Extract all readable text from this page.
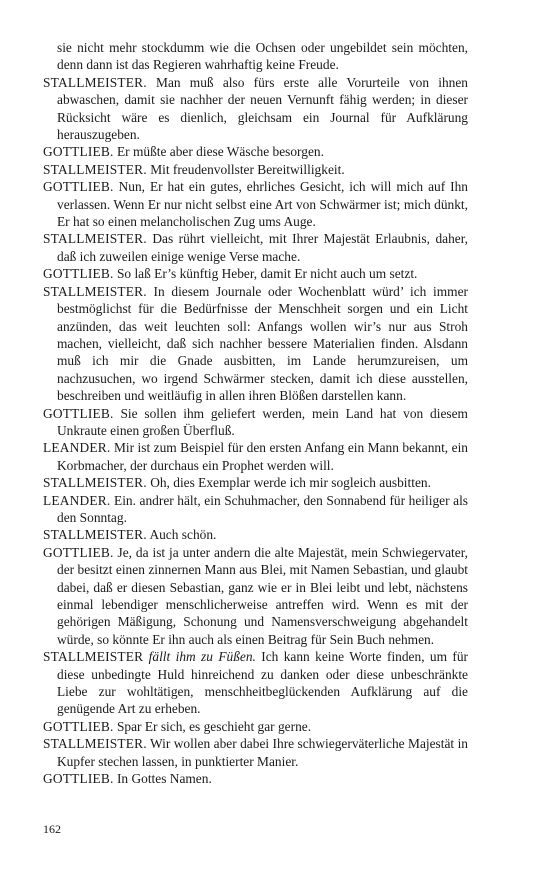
sie nicht mehr stockdumm wie die Ochsen oder ungebildet sein möchten, denn dann ist das Regieren wahrhaftig keine Freude.

STALLMEISTER. Man muß also fürs erste alle Vorurteile von ihnen abwaschen, damit sie nachher der neuen Vernunft fähig werden; in dieser Rücksicht wäre es dienlich, gleichsam ein Journal für Aufklärung herauszugeben.

GOTTLIEB. Er müßte aber diese Wäsche besorgen.

STALLMEISTER. Mit freudenvollster Bereitwilligkeit.

GOTTLIEB. Nun, Er hat ein gutes, ehrliches Gesicht, ich will mich auf Ihn verlassen. Wenn Er nur nicht selbst eine Art von Schwärmer ist; mich dünkt, Er hat so einen melancholischen Zug ums Auge.

STALLMEISTER. Das rührt vielleicht, mit Ihrer Majestät Erlaubnis, daher, daß ich zuweilen einige wenige Verse mache.

GOTTLIEB. So laß Er’s künftig Heber, damit Er nicht auch um setzt.

STALLMEISTER. In diesem Journale oder Wochenblatt würd’ ich immer bestmöglichst für die Bedürfnisse der Menschheit sorgen und ein Licht anzünden, das weit leuchten soll: Anfangs wollen wir’s nur aus Stroh machen, vielleicht, daß sich nachher bessere Materialien finden. Alsdann muß ich mir die Gnade ausbitten, im Lande herumzureisen, um nachzusuchen, wo irgend Schwärmer stecken, damit ich diese ausstellen, beschreiben und weitläufig in allen ihren Blößen darstellen kann.

GOTTLIEB. Sie sollen ihm geliefert werden, mein Land hat von diesem Unkraute einen großen Überfluß.

LEANDER. Mir ist zum Beispiel für den ersten Anfang ein Mann bekannt, ein Korbmacher, der durchaus ein Prophet werden will.

STALLMEISTER. Oh, dies Exemplar werde ich mir sogleich ausbitten.

LEANDER. Ein. andrer hält, ein Schuhmacher, den Sonnabend für heiliger als den Sonntag.

STALLMEISTER. Auch schön.

GOTTLIEB. Je, da ist ja unter andern die alte Majestät, mein Schwiegervater, der besitzt einen zinnernen Mann aus Blei, mit Namen Sebastian, und glaubt dabei, daß er diesen Sebastian, ganz wie er in Blei leibt und lebt, nächstens einmal lebendiger menschlicherweise antreffen wird. Wenn es mit der gehörigen Mäßigung, Schonung und Namensverschweigung abgehandelt würde, so könnte Er ihn auch als einen Beitrag für Sein Buch nehmen.

STALLMEISTER fällt ihm zu Füßen. Ich kann keine Worte finden, um für diese unbedingte Huld hinreichend zu danken oder diese unbeschränkte Liebe zur wohltätigen, menschheitbeglückenden Aufklärung auf die genügende Art zu erheben.

GOTTLIEB. Spar Er sich, es geschieht gar gerne.

STALLMEISTER. Wir wollen aber dabei Ihre schwiegerväterliche Majestät in Kupfer stechen lassen, in punktierter Manier.

GOTTLIEB. In Gottes Namen.

162
